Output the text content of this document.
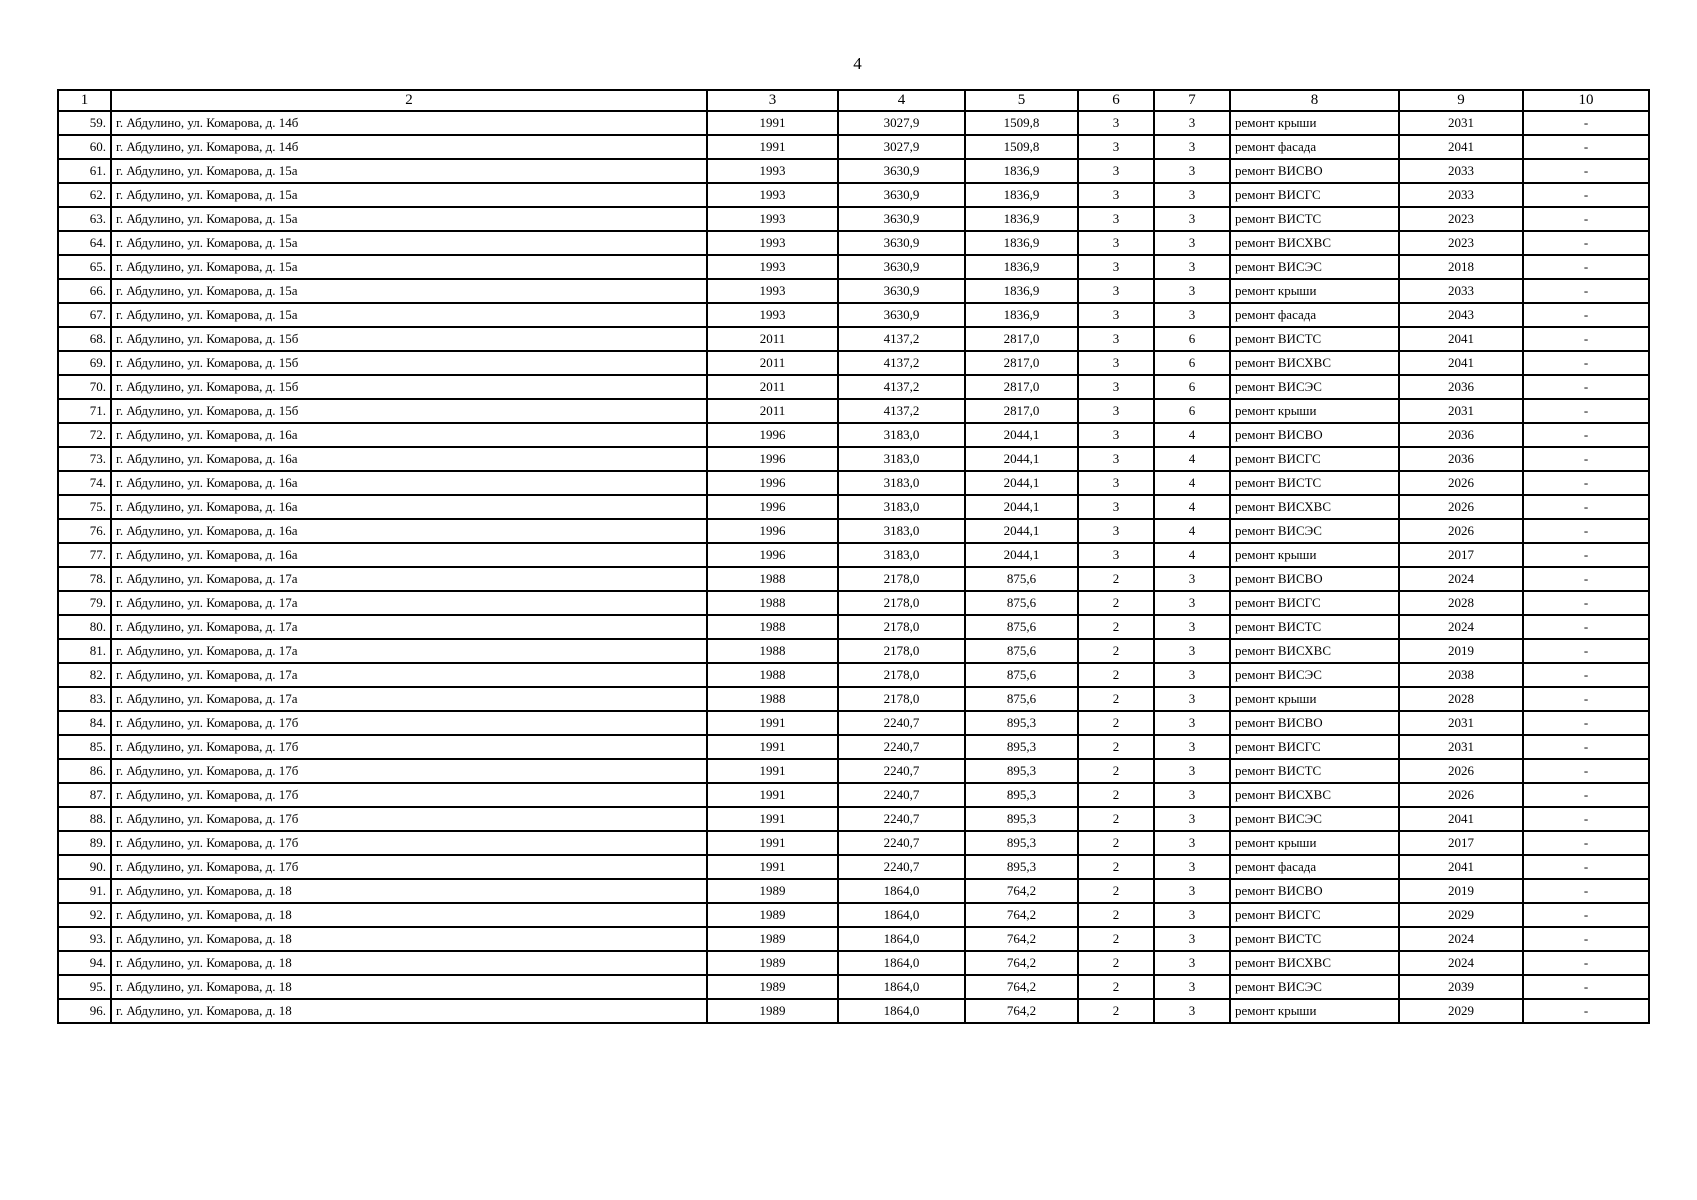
4
1	2	3	4	5	6	7	8	9	10
59.	г. Абдулино, ул. Комарова, д. 14б	1991	3027,9	1509,8	3	3	ремонт крыши	2031	-
60.	г. Абдулино, ул. Комарова, д. 14б	1991	3027,9	1509,8	3	3	ремонт фасада	2041	-
61.	г. Абдулино, ул. Комарова, д. 15а	1993	3630,9	1836,9	3	3	ремонт ВИСВО	2033	-
62.	г. Абдулино, ул. Комарова, д. 15а	1993	3630,9	1836,9	3	3	ремонт ВИСГС	2033	-
63.	г. Абдулино, ул. Комарова, д. 15а	1993	3630,9	1836,9	3	3	ремонт ВИСТС	2023	-
64.	г. Абдулино, ул. Комарова, д. 15а	1993	3630,9	1836,9	3	3	ремонт ВИСХВС	2023	-
65.	г. Абдулино, ул. Комарова, д. 15а	1993	3630,9	1836,9	3	3	ремонт ВИСЭС	2018	-
66.	г. Абдулино, ул. Комарова, д. 15а	1993	3630,9	1836,9	3	3	ремонт крыши	2033	-
67.	г. Абдулино, ул. Комарова, д. 15а	1993	3630,9	1836,9	3	3	ремонт фасада	2043	-
68.	г. Абдулино, ул. Комарова, д. 15б	2011	4137,2	2817,0	3	6	ремонт ВИСТС	2041	-
69.	г. Абдулино, ул. Комарова, д. 15б	2011	4137,2	2817,0	3	6	ремонт ВИСХВС	2041	-
70.	г. Абдулино, ул. Комарова, д. 15б	2011	4137,2	2817,0	3	6	ремонт ВИСЭС	2036	-
71.	г. Абдулино, ул. Комарова, д. 15б	2011	4137,2	2817,0	3	6	ремонт крыши	2031	-
72.	г. Абдулино, ул. Комарова, д. 16а	1996	3183,0	2044,1	3	4	ремонт ВИСВО	2036	-
73.	г. Абдулино, ул. Комарова, д. 16а	1996	3183,0	2044,1	3	4	ремонт ВИСГС	2036	-
74.	г. Абдулино, ул. Комарова, д. 16а	1996	3183,0	2044,1	3	4	ремонт ВИСТС	2026	-
75.	г. Абдулино, ул. Комарова, д. 16а	1996	3183,0	2044,1	3	4	ремонт ВИСХВС	2026	-
76.	г. Абдулино, ул. Комарова, д. 16а	1996	3183,0	2044,1	3	4	ремонт ВИСЭС	2026	-
77.	г. Абдулино, ул. Комарова, д. 16а	1996	3183,0	2044,1	3	4	ремонт крыши	2017	-
78.	г. Абдулино, ул. Комарова, д. 17а	1988	2178,0	875,6	2	3	ремонт ВИСВО	2024	-
79.	г. Абдулино, ул. Комарова, д. 17а	1988	2178,0	875,6	2	3	ремонт ВИСГС	2028	-
80.	г. Абдулино, ул. Комарова, д. 17а	1988	2178,0	875,6	2	3	ремонт ВИСТС	2024	-
81.	г. Абдулино, ул. Комарова, д. 17а	1988	2178,0	875,6	2	3	ремонт ВИСХВС	2019	-
82.	г. Абдулино, ул. Комарова, д. 17а	1988	2178,0	875,6	2	3	ремонт ВИСЭС	2038	-
83.	г. Абдулино, ул. Комарова, д. 17а	1988	2178,0	875,6	2	3	ремонт крыши	2028	-
84.	г. Абдулино, ул. Комарова, д. 17б	1991	2240,7	895,3	2	3	ремонт ВИСВО	2031	-
85.	г. Абдулино, ул. Комарова, д. 17б	1991	2240,7	895,3	2	3	ремонт ВИСГС	2031	-
86.	г. Абдулино, ул. Комарова, д. 17б	1991	2240,7	895,3	2	3	ремонт ВИСТС	2026	-
87.	г. Абдулино, ул. Комарова, д. 17б	1991	2240,7	895,3	2	3	ремонт ВИСХВС	2026	-
88.	г. Абдулино, ул. Комарова, д. 17б	1991	2240,7	895,3	2	3	ремонт ВИСЭС	2041	-
89.	г. Абдулино, ул. Комарова, д. 17б	1991	2240,7	895,3	2	3	ремонт крыши	2017	-
90.	г. Абдулино, ул. Комарова, д. 17б	1991	2240,7	895,3	2	3	ремонт фасада	2041	-
91.	г. Абдулино, ул. Комарова, д. 18	1989	1864,0	764,2	2	3	ремонт ВИСВО	2019	-
92.	г. Абдулино, ул. Комарова, д. 18	1989	1864,0	764,2	2	3	ремонт ВИСГС	2029	-
93.	г. Абдулино, ул. Комарова, д. 18	1989	1864,0	764,2	2	3	ремонт ВИСТС	2024	-
94.	г. Абдулино, ул. Комарова, д. 18	1989	1864,0	764,2	2	3	ремонт ВИСХВС	2024	-
95.	г. Абдулино, ул. Комарова, д. 18	1989	1864,0	764,2	2	3	ремонт ВИСЭС	2039	-
96.	г. Абдулино, ул. Комарова, д. 18	1989	1864,0	764,2	2	3	ремонт крыши	2029	-
